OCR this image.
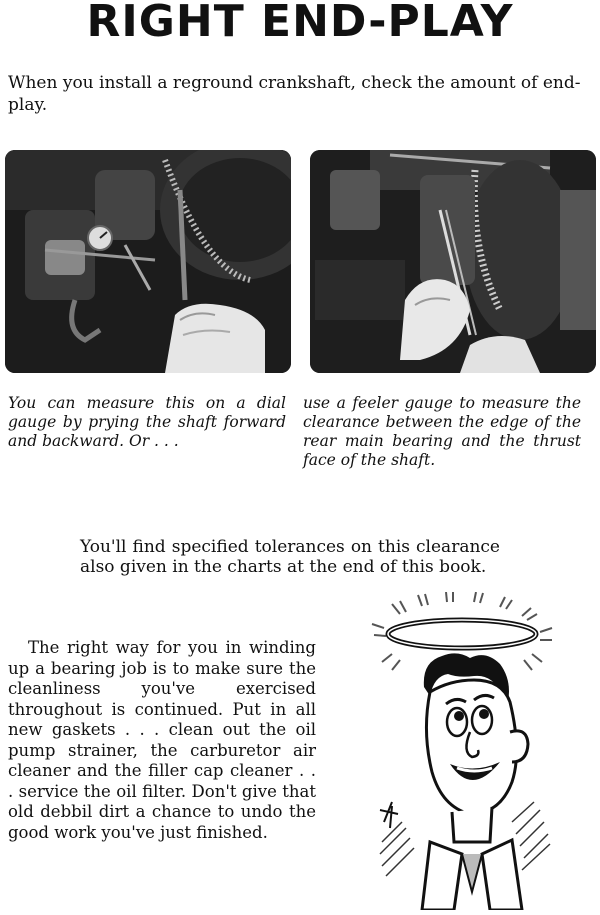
RIGHT END-PLAY
When you install a reground crankshaft, check the amount of end-play.
You can measure this on a dial gauge by prying the shaft forward and backward. Or . . .
use a feeler gauge to measure the clearance between the edge of the rear main bearing and the thrust face of the shaft.
You'll find specified tolerances on this clearance also given in the charts at the end of this book.
The right way for you in winding up a bearing job is to make sure the cleanliness you've exercised throughout is continued. Put in all new gaskets . . . clean out the oil pump strainer, the carburetor air cleaner and the filler cap cleaner . . . service the oil filter. Don't give that old debbil dirt a chance to undo the good work you've just finished.
